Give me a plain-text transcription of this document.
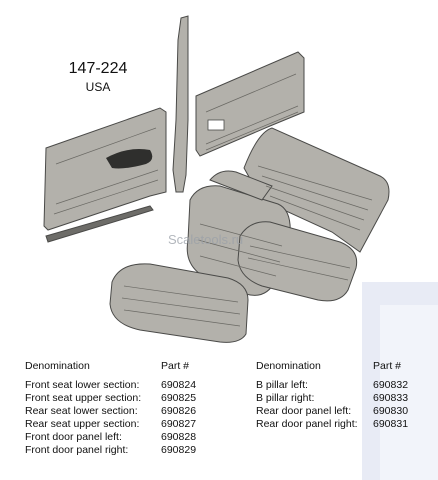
147-224
USA
Scaletools.ru
Denomination	Part #
Front seat lower section:	690824
Front seat upper section:	690825
Rear seat lower section:	690826
Rear seat upper section:	690827
Front door panel left:	690828
Front door panel right:	690829
Denomination	Part #
B pillar left:	690832
B pillar right:	690833
Rear door panel left:	690830
Rear door panel right:	690831
